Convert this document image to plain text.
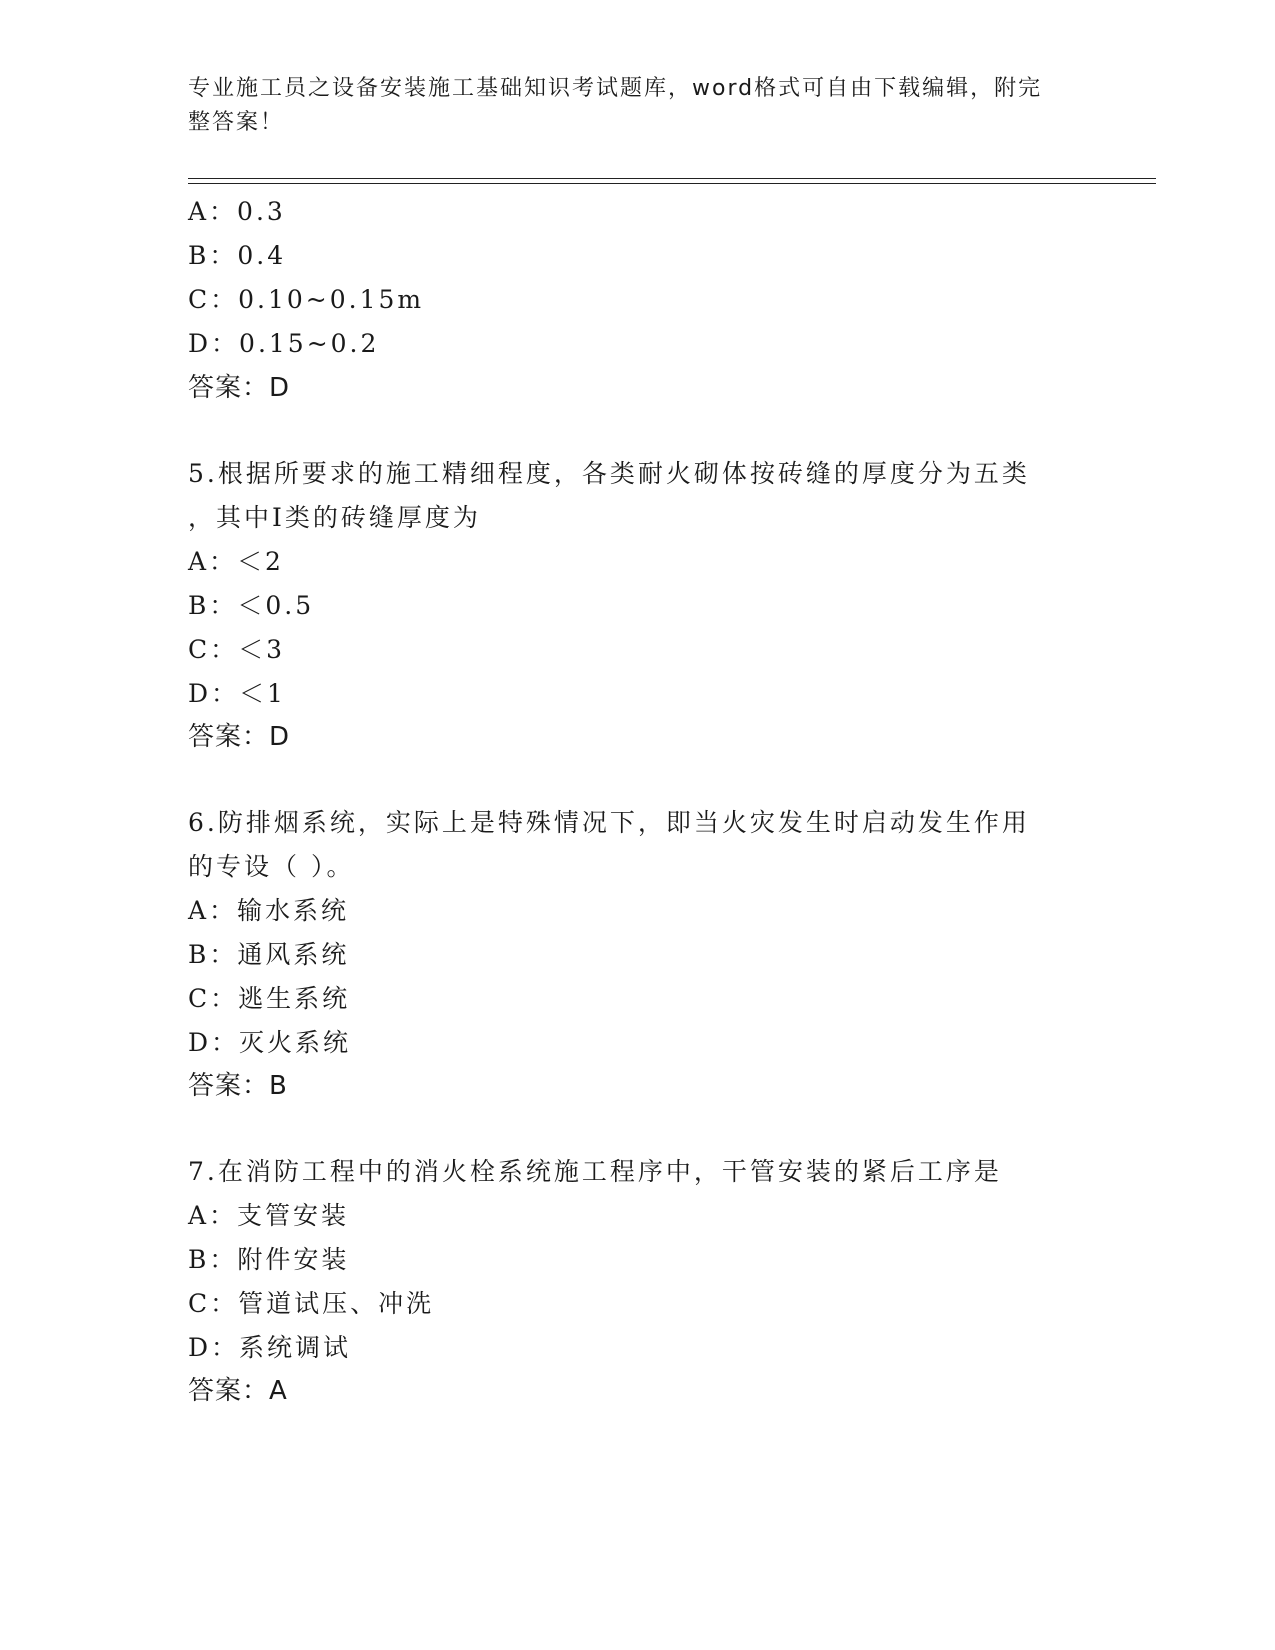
专业施工员之设备安装施工基础知识考试题库，word格式可自由下载编辑，附完
整答案！
A：0.3
B：0.4
C：0.10~0.15m
D：0.15~0.2
答案：D
5.根据所要求的施工精细程度，各类耐火砌体按砖缝的厚度分为五类
，其中Ⅰ类的砖缝厚度为
A：＜2
B：＜0.5
C：＜3
D：＜1
答案：D
6.防排烟系统，实际上是特殊情况下，即当火灾发生时启动发生作用
的专设（ ）。
A：输水系统
B：通风系统
C：逃生系统
D：灭火系统
答案：B
7.在消防工程中的消火栓系统施工程序中，干管安装的紧后工序是
A：支管安装
B：附件安装
C：管道试压、冲洗
D：系统调试
答案：A
